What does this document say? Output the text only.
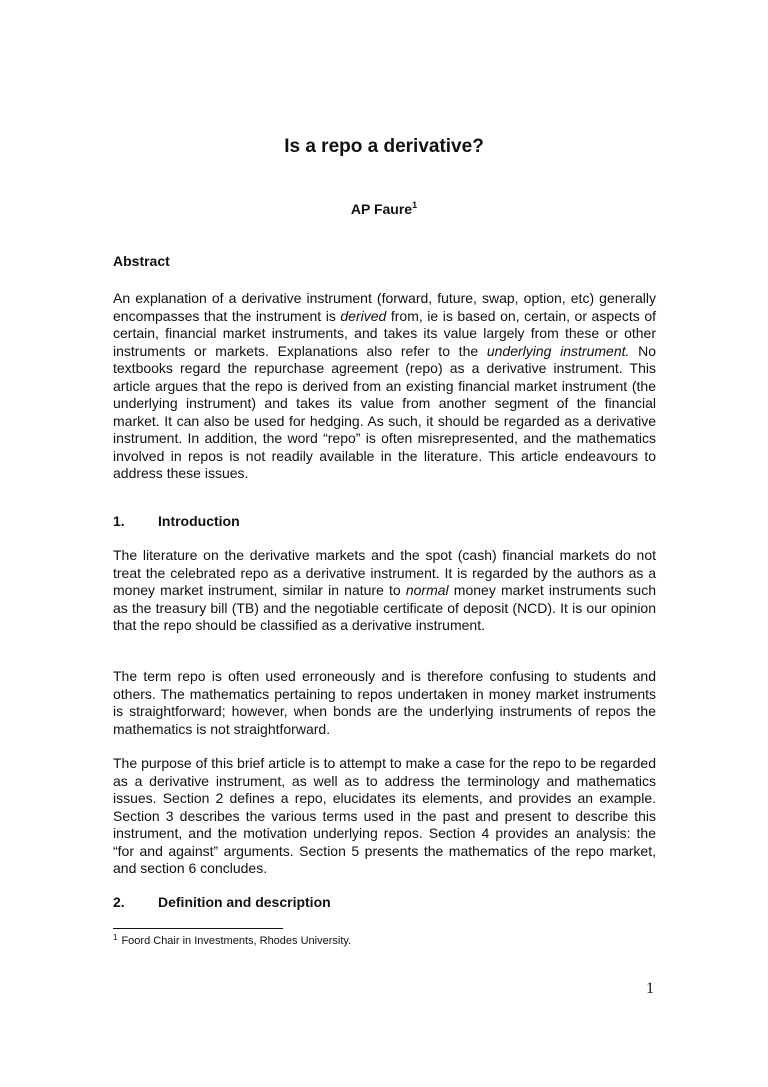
Is a repo a derivative?

AP Faure$^1$

Abstract

An explanation of a derivative instrument (forward, future, swap, option, etc) generally encompasses that the instrument is derived from, ie is based on, certain, or aspects of certain, financial market instruments, and takes its value largely from these or other instruments or markets. Explanations also refer to the underlying instrument. No textbooks regard the repurchase agreement (repo) as a derivative instrument. This article argues that the repo is derived from an existing financial market instrument (the underlying instrument) and takes its value from another segment of the financial market. It can also be used for hedging. As such, it should be regarded as a derivative instrument. In addition, the word “repo” is often misrepresented, and the mathematics involved in repos is not readily available in the literature. This article endeavours to address these issues.

1. Introduction

The literature on the derivative markets and the spot (cash) financial markets do not treat the celebrated repo as a derivative instrument. It is regarded by the authors as a money market instrument, similar in nature to normal money market instruments such as the treasury bill (TB) and the negotiable certificate of deposit (NCD). It is our opinion that the repo should be classified as a derivative instrument.

The term repo is often used erroneously and is therefore confusing to students and others. The mathematics pertaining to repos undertaken in money market instruments is straightforward; however, when bonds are the underlying instruments of repos the mathematics is not straightforward.

The purpose of this brief article is to attempt to make a case for the repo to be regarded as a derivative instrument, as well as to address the terminology and mathematics issues. Section 2 defines a repo, elucidates its elements, and provides an example. Section 3 describes the various terms used in the past and present to describe this instrument, and the motivation underlying repos. Section 4 provides an analysis: the “for and against” arguments. Section 5 presents the mathematics of the repo market, and section 6 concludes.

2. Definition and description

$^1$ Foord Chair in Investments, Rhodes University.

1
